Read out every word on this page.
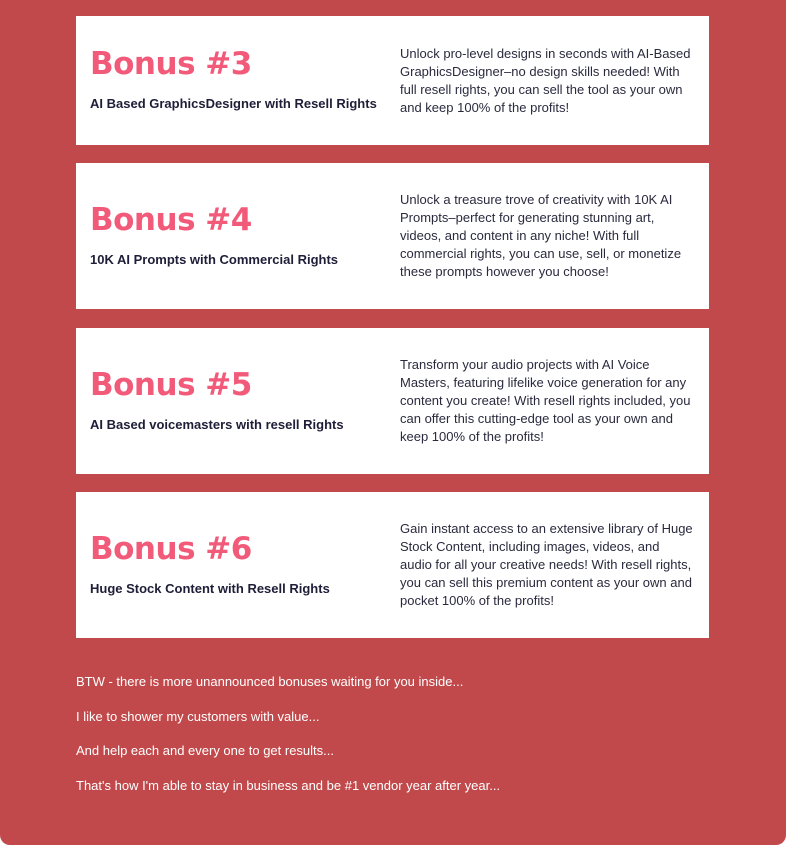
Bonus #3
AI Based GraphicsDesigner with Resell Rights
Unlock pro-level designs in seconds with AI-Based GraphicsDesigner–no design skills needed! With full resell rights, you can sell the tool as your own and keep 100% of the profits!
Bonus #4
10K AI Prompts with Commercial Rights
Unlock a treasure trove of creativity with 10K AI Prompts–perfect for generating stunning art, videos, and content in any niche! With full commercial rights, you can use, sell, or monetize these prompts however you choose!
Bonus #5
AI Based voicemasters with resell Rights
Transform your audio projects with AI Voice Masters, featuring lifelike voice generation for any content you create! With resell rights included, you can offer this cutting-edge tool as your own and keep 100% of the profits!
Bonus #6
Huge Stock Content with Resell Rights
Gain instant access to an extensive library of Huge Stock Content, including images, videos, and audio for all your creative needs! With resell rights, you can sell this premium content as your own and pocket 100% of the profits!

BTW - there is more unannounced bonuses waiting for you inside...

I like to shower my customers with value...

And help each and every one to get results...

That's how I'm able to stay in business and be #1 vendor year after year...
